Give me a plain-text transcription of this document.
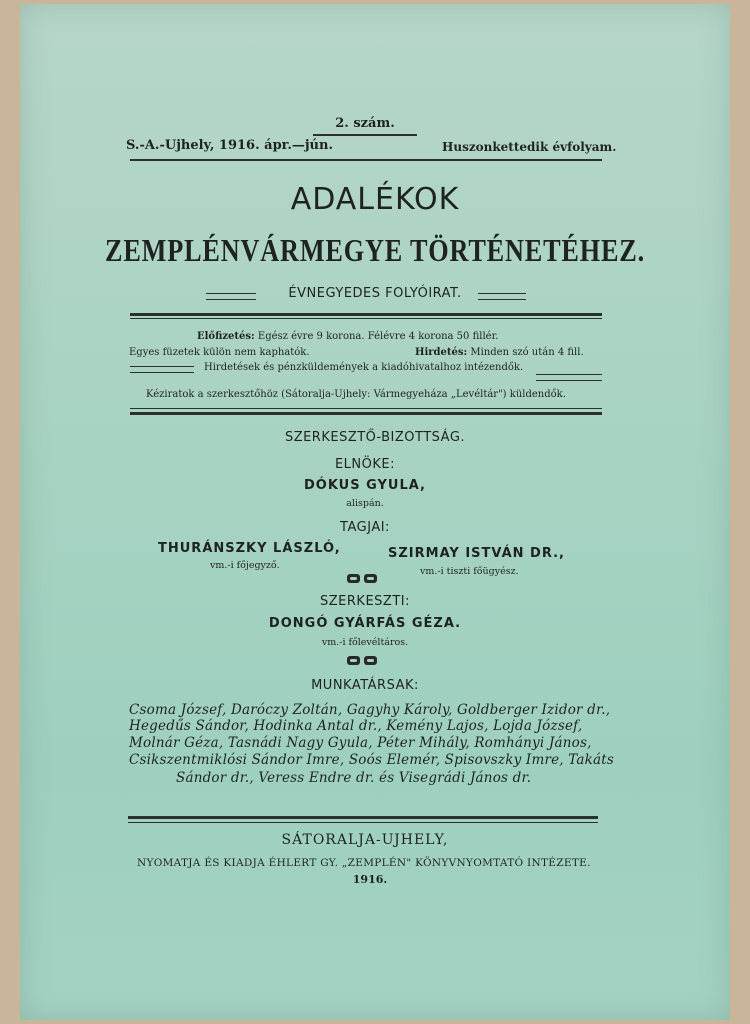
2. szám.
S.-A.-Ujhely, 1916. ápr.—jún.	Huszonkettedik évfolyam.
ADALÉKOK
ZEMPLÉNVÁRMEGYE TÖRTÉNETÉHEZ.
ÉVNEGYEDES FOLYÓIRAT.
Előfizetés: Egész évre 9 korona. Félévre 4 korona 50 fillér.
Egyes füzetek külön nem kaphatók.	Hirdetés: Minden szó után 4 fill.
Hirdetések és pénzküldemények a kiadóhivatalhoz intézendők.
Kéziratok a szerkesztőhöz (Sátoralja-Ujhely: Vármegyeháza „Levéltár") küldendők.
SZERKESZTŐ-BIZOTTSÁG.
ELNÖKE:
DÓKUS GYULA,
alispán.
TAGJAI:
THURÁNSZKY LÁSZLÓ,
vm.-i főjegyző.
SZIRMAY ISTVÁN DR.,
vm.-i tiszti főügyész.
SZERKESZTI:
DONGÓ GYÁRFÁS GÉZA.
vm.-i főlevéltáros.
MUNKATÁRSAK:
Csoma József, Daróczy Zoltán, Gagyhy Károly, Goldberger Izidor dr.,
Hegedűs Sándor, Hodinka Antal dr., Kemény Lajos, Lojda József,
Molnár Géza, Tasnádi Nagy Gyula, Péter Mihály, Romhányi János,
Csikszentmiklósi Sándor Imre, Soós Elemér, Spisovszky Imre, Takáts
Sándor dr., Veress Endre dr. és Visegrádi János dr.
SÁTORALJA-UJHELY,
NYOMATJA ÉS KIADJA ÉHLERT GY. „ZEMPLÉN" KÖNYVNYOMTATÓ INTÉZETE.
1916.
